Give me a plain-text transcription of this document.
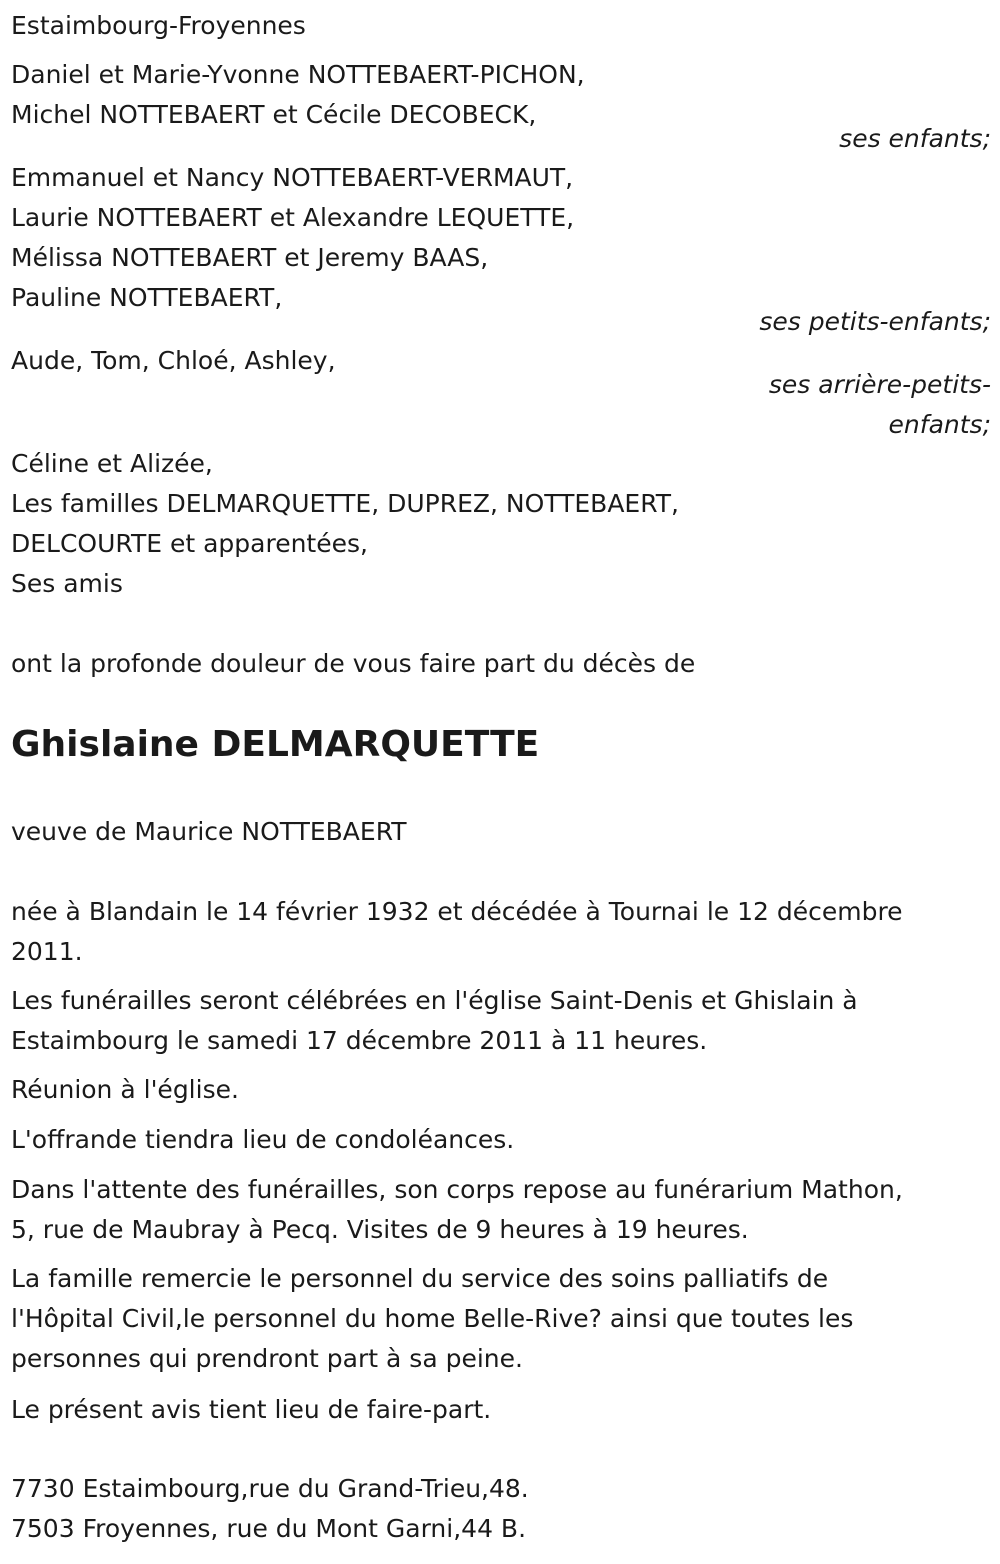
Estaimbourg-Froyennes
Daniel et Marie-Yvonne NOTTEBAERT-PICHON,
Michel NOTTEBAERT et Cécile DECOBECK,
ses enfants;
Emmanuel et Nancy NOTTEBAERT-VERMAUT,
Laurie NOTTEBAERT et Alexandre LEQUETTE,
Mélissa NOTTEBAERT et Jeremy BAAS,
Pauline NOTTEBAERT,
ses petits-enfants;
Aude, Tom, Chloé, Ashley,
ses arrière-petits-
enfants;
Céline et Alizée,
Les familles DELMARQUETTE, DUPREZ, NOTTEBAERT,
DELCOURTE et apparentées,
Ses amis
ont la profonde douleur de vous faire part du décès de
Ghislaine DELMARQUETTE
veuve de Maurice NOTTEBAERT
née à Blandain le 14 février 1932 et décédée à Tournai le 12 décembre
2011.
Les funérailles seront célébrées en l'église Saint-Denis et Ghislain à
Estaimbourg le samedi 17 décembre 2011 à 11 heures.
Réunion à l'église.
L'offrande tiendra lieu de condoléances.
Dans l'attente des funérailles, son corps repose au funérarium Mathon,
5, rue de Maubray à Pecq. Visites de 9 heures à 19 heures.
La famille remercie le personnel du service des soins palliatifs de
l'Hôpital Civil,le personnel du home Belle-Rive? ainsi que toutes les
personnes qui prendront part à sa peine.
Le présent avis tient lieu de faire-part.
7730 Estaimbourg,rue du Grand-Trieu,48.
7503 Froyennes, rue du Mont Garni,44 B.
